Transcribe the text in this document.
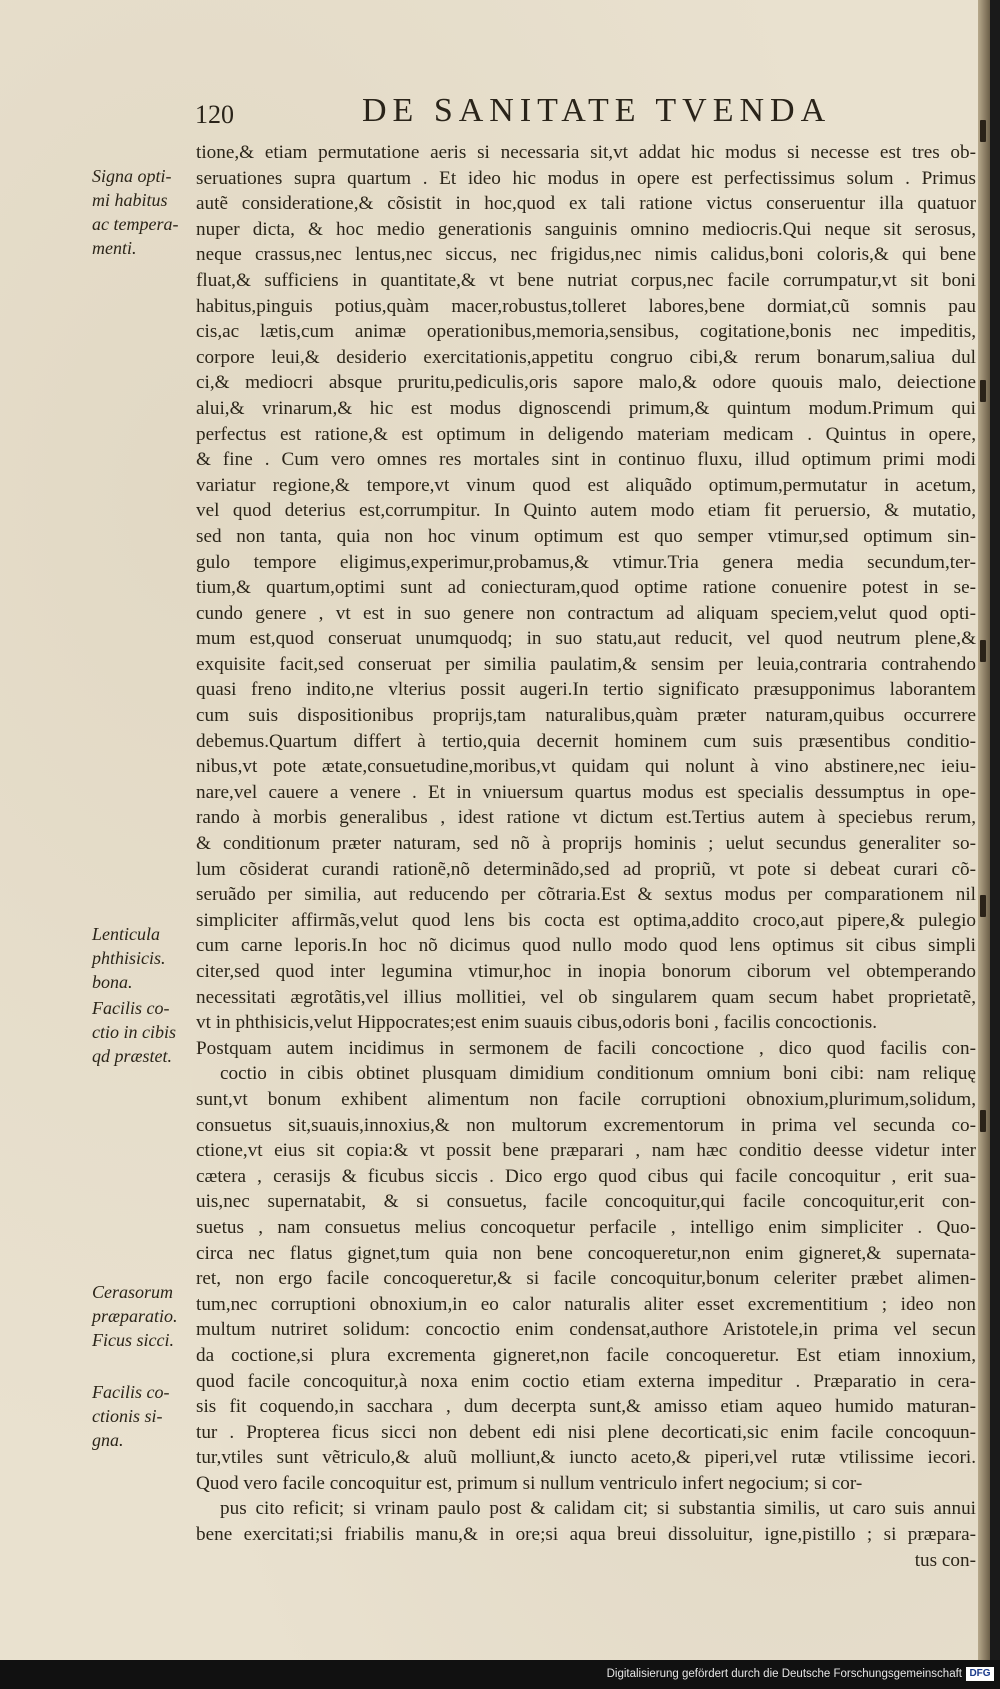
120	DE SANITATE TVENDA
Signa opti-
mi habitus
ac tempera-
menti.
Lenticula
phthisicis.
bona.
Facilis co-
ctio in cibis
qd præstet.
Cerasorum
præparatio.
Ficus sicci.
Facilis co-
ctionis si-
gna.
tione,& etiam permutatione aeris si necessaria sit,vt addat hic modus si necesse est tres ob-
seruationes supra quartum . Et ideo hic modus in opere est perfectissimus solum . Primus
autẽ consideratione,& cõsistit in hoc,quod ex tali ratione victus conseruentur illa quatuor
nuper dicta, & hoc medio generationis sanguinis omnino mediocris.Qui neque sit serosus,
neque crassus,nec lentus,nec siccus, nec frigidus,nec nimis calidus,boni coloris,& qui bene
fluat,& sufficiens in quantitate,& vt bene nutriat corpus,nec facile corrumpatur,vt sit boni
habitus,pinguis potius,quàm macer,robustus,tolleret labores,bene dormiat,cũ somnis pau
cis,ac lætis,cum animæ operationibus,memoria,sensibus, cogitatione,bonis nec impeditis,
corpore leui,& desiderio exercitationis,appetitu congruo cibi,& rerum bonarum,saliua dul
ci,& mediocri absque pruritu,pediculis,oris sapore malo,& odore quouis malo, deiectione
alui,& vrinarum,& hic est modus dignoscendi primum,& quintum modum.Primum qui
perfectus est ratione,& est optimum in deligendo materiam medicam . Quintus in opere,
& fine . Cum vero omnes res mortales sint in continuo fluxu, illud optimum primi modi
variatur regione,& tempore,vt vinum quod est aliquãdo optimum,permutatur in acetum,
vel quod deterius est,corrumpitur. In Quinto autem modo etiam fit peruersio, & mutatio,
sed non tanta, quia non hoc vinum optimum est quo semper vtimur,sed optimum sin-
gulo tempore eligimus,experimur,probamus,& vtimur.Tria genera media secundum,ter-
tium,& quartum,optimi sunt ad coniecturam,quod optime ratione conuenire potest in se-
cundo genere , vt est in suo genere non contractum ad aliquam speciem,velut quod opti-
mum est,quod conseruat unumquodq; in suo statu,aut reducit, vel quod neutrum plene,&
exquisite facit,sed conseruat per similia paulatim,& sensim per leuia,contraria contrahendo
quasi freno indito,ne vlterius possit augeri.In tertio significato præsupponimus laborantem
cum suis dispositionibus proprijs,tam naturalibus,quàm præter naturam,quibus occurrere
debemus.Quartum differt à tertio,quia decernit hominem cum suis præsentibus conditio-
nibus,vt pote ætate,consuetudine,moribus,vt quidam qui nolunt à vino abstinere,nec ieiu-
nare,vel cauere a venere . Et in vniuersum quartus modus est specialis dessumptus in ope-
rando à morbis generalibus , idest ratione vt dictum est.Tertius autem à speciebus rerum,
& conditionum præter naturam, sed nõ à proprijs hominis ; uelut secundus generaliter so-
lum cõsiderat curandi rationẽ,nõ determinãdo,sed ad propriũ, vt pote si debeat curari cõ-
seruãdo per similia, aut reducendo per cõtraria.Est & sextus modus per comparationem nil
simpliciter affirmãs,velut quod lens bis cocta est optima,addito croco,aut pipere,& pulegio
cum carne leporis.In hoc nõ dicimus quod nullo modo quod lens optimus sit cibus simpli
citer,sed quod inter legumina vtimur,hoc in inopia bonorum ciborum vel obtemperando
necessitati ægrotãtis,vel illius mollitiei, vel ob singularem quam secum habet proprietatẽ,
vt in phthisicis,velut Hippocrates;est enim suauis cibus,odoris boni , facilis concoctionis.
Postquam autem incidimus in sermonem de facili concoctione , dico quod facilis con-
coctio in cibis obtinet plusquam dimidium conditionum omnium boni cibi: nam reliquę
sunt,vt bonum exhibent alimentum non facile corruptioni obnoxium,plurimum,solidum,
consuetus sit,suauis,innoxius,& non multorum excrementorum in prima vel secunda co-
ctione,vt eius sit copia:& vt possit bene præparari , nam hæc conditio deesse videtur inter
cætera , cerasijs & ficubus siccis . Dico ergo quod cibus qui facile concoquitur , erit sua-
uis,nec supernatabit, & si consuetus, facile concoquitur,qui facile concoquitur,erit con-
suetus , nam consuetus melius concoquetur perfacile , intelligo enim simpliciter . Quo-
circa nec flatus gignet,tum quia non bene concoqueretur,non enim gigneret,& supernata-
ret, non ergo facile concoqueretur,& si facile concoquitur,bonum celeriter præbet alimen-
tum,nec corruptioni obnoxium,in eo calor naturalis aliter esset excrementitium ; ideo non
multum nutriret solidum: concoctio enim condensat,authore Aristotele,in prima vel secun
da coctione,si plura excrementa gigneret,non facile concoqueretur. Est etiam innoxium,
quod facile concoquitur,à noxa enim coctio etiam externa impeditur . Præparatio in cera-
sis fit coquendo,in sacchara , dum decerpta sunt,& amisso etiam aqueo humido maturan-
tur . Propterea ficus sicci non debent edi nisi plene decorticati,sic enim facile concoquun-
tur,vtiles sunt vẽtriculo,& aluũ molliunt,& iuncto aceto,& piperi,vel rutæ vtilissime iecori.
Quod vero facile concoquitur est, primum si nullum ventriculo infert negocium; si cor-
pus cito reficit; si vrinam paulo post & calidam cit; si substantia similis, ut caro suis annui
bene exercitati;si friabilis manu,& in ore;si aqua breui dissoluitur, igne,pistillo ; si præpara-
tus con-
Digitalisierung gefördert durch die Deutsche Forschungsgemeinschaft DFG
